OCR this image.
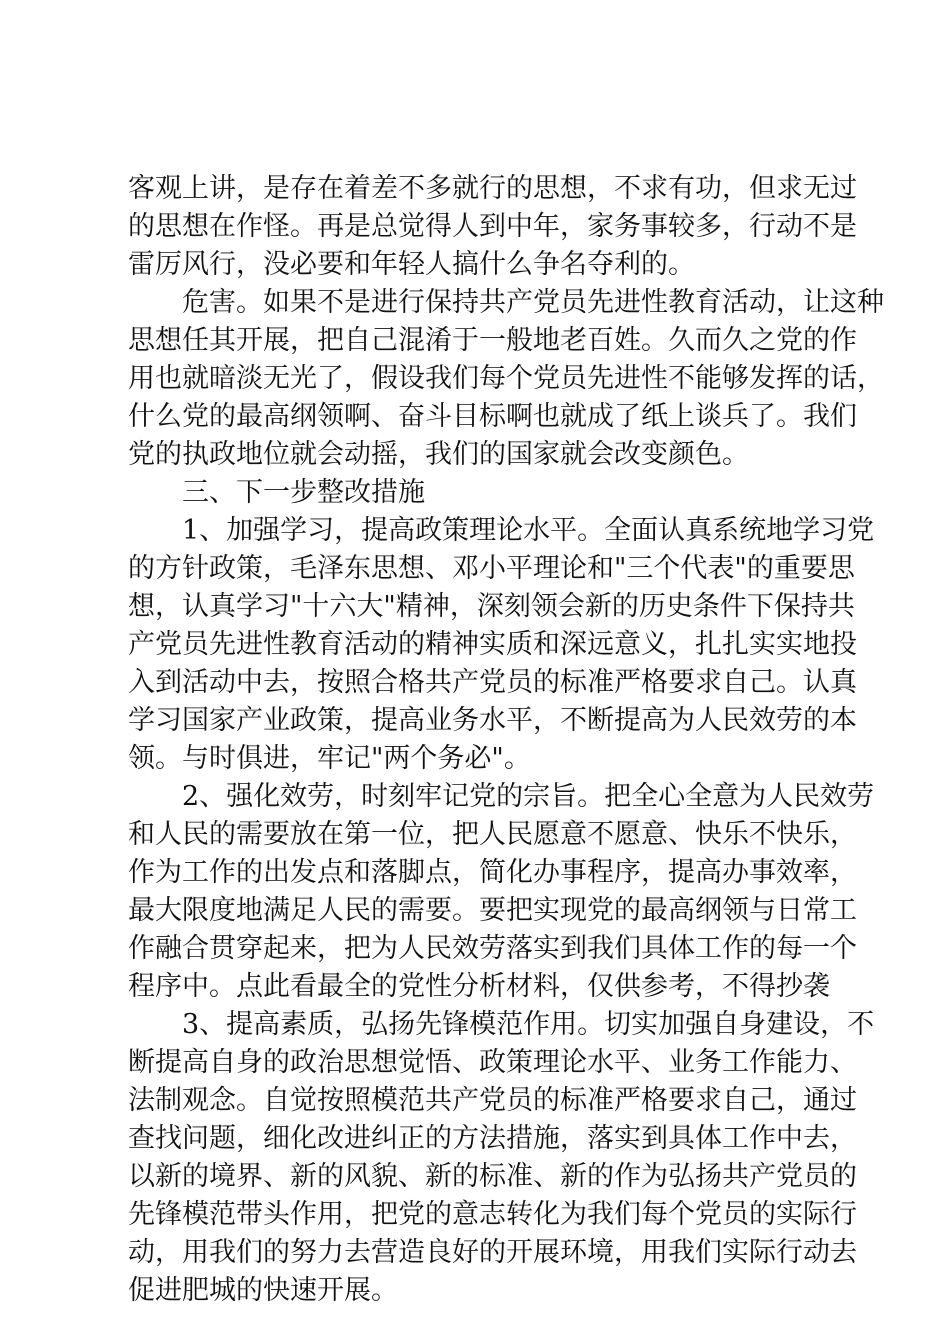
客观上讲，是存在着差不多就行的思想，不求有功，但求无过
的思想在作怪。再是总觉得人到中年，家务事较多，行动不是
雷厉风行，没必要和年轻人搞什么争名夺利的。
危害。如果不是进行保持共产党员先进性教育活动，让这种
思想任其开展，把自己混淆于一般地老百姓。久而久之党的作
用也就暗淡无光了，假设我们每个党员先进性不能够发挥的话，
什么党的最高纲领啊、奋斗目标啊也就成了纸上谈兵了。我们
党的执政地位就会动摇，我们的国家就会改变颜色。
三、下一步整改措施
1、加强学习，提高政策理论水平。全面认真系统地学习党
的方针政策，毛泽东思想、邓小平理论和"三个代表"的重要思
想，认真学习"十六大"精神，深刻领会新的历史条件下保持共
产党员先进性教育活动的精神实质和深远意义，扎扎实实地投
入到活动中去，按照合格共产党员的标准严格要求自己。认真
学习国家产业政策，提高业务水平，不断提高为人民效劳的本
领。与时俱进，牢记"两个务必"。
2、强化效劳，时刻牢记党的宗旨。把全心全意为人民效劳
和人民的需要放在第一位，把人民愿意不愿意、快乐不快乐，
作为工作的出发点和落脚点，简化办事程序，提高办事效率，
最大限度地满足人民的需要。要把实现党的最高纲领与日常工
作融合贯穿起来，把为人民效劳落实到我们具体工作的每一个
程序中。点此看最全的党性分析材料，仅供参考，不得抄袭
3、提高素质，弘扬先锋模范作用。切实加强自身建设，不
断提高自身的政治思想觉悟、政策理论水平、业务工作能力、
法制观念。自觉按照模范共产党员的标准严格要求自己，通过
查找问题，细化改进纠正的方法措施，落实到具体工作中去，
以新的境界、新的风貌、新的标准、新的作为弘扬共产党员的
先锋模范带头作用，把党的意志转化为我们每个党员的实际行
动，用我们的努力去营造良好的开展环境，用我们实际行动去
促进肥城的快速开展。
